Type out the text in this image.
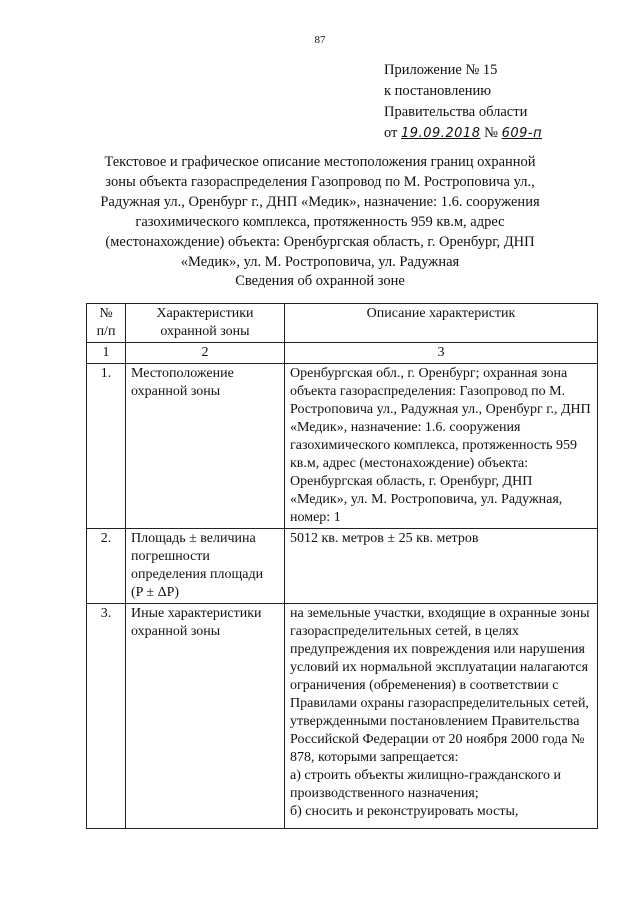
87
Приложение № 15
к постановлению
Правительства области
от 19.09.2018 № 609-п
Текстовое и графическое описание местоположения границ охранной зоны объекта газораспределения Газопровод по М. Ростроповича ул., Радужная ул., Оренбург г., ДНП «Медик», назначение: 1.6. сооружения газохимического комплекса, протяженность 959 кв.м, адрес (местонахождение) объекта: Оренбургская область, г. Оренбург, ДНП «Медик», ул. М. Ростроповича, ул. Радужная
Сведения об охранной зоне
№ п/п	Характеристики охранной зоны	Описание характеристик
1	2	3
1.	Местоположение охранной зоны	Оренбургская обл., г. Оренбург; охранная зона объекта газораспределения: Газопровод по М. Ростроповича ул., Радужная ул., Оренбург г., ДНП «Медик», назначение: 1.6. сооружения газохимического комплекса, протяженность 959 кв.м, адрес (местонахождение) объекта: Оренбургская область, г. Оренбург, ДНП «Медик», ул. М. Ростроповича, ул. Радужная, номер: 1
2.	Площадь ± величина погрешности определения площади (P ± ΔP)	5012 кв. метров ± 25 кв. метров
3.	Иные характеристики охранной зоны	на земельные участки, входящие в охранные зоны газораспределительных сетей, в целях предупреждения их повреждения или нарушения условий их нормальной эксплуатации налагаются ограничения (обременения) в соответствии с Правилами охраны газораспределительных сетей, утвержденными постановлением Правительства Российской Федерации от 20 ноября 2000 года № 878, которыми запрещается:
а) строить объекты жилищно-гражданского и производственного назначения;
б) сносить и реконструировать мосты,
